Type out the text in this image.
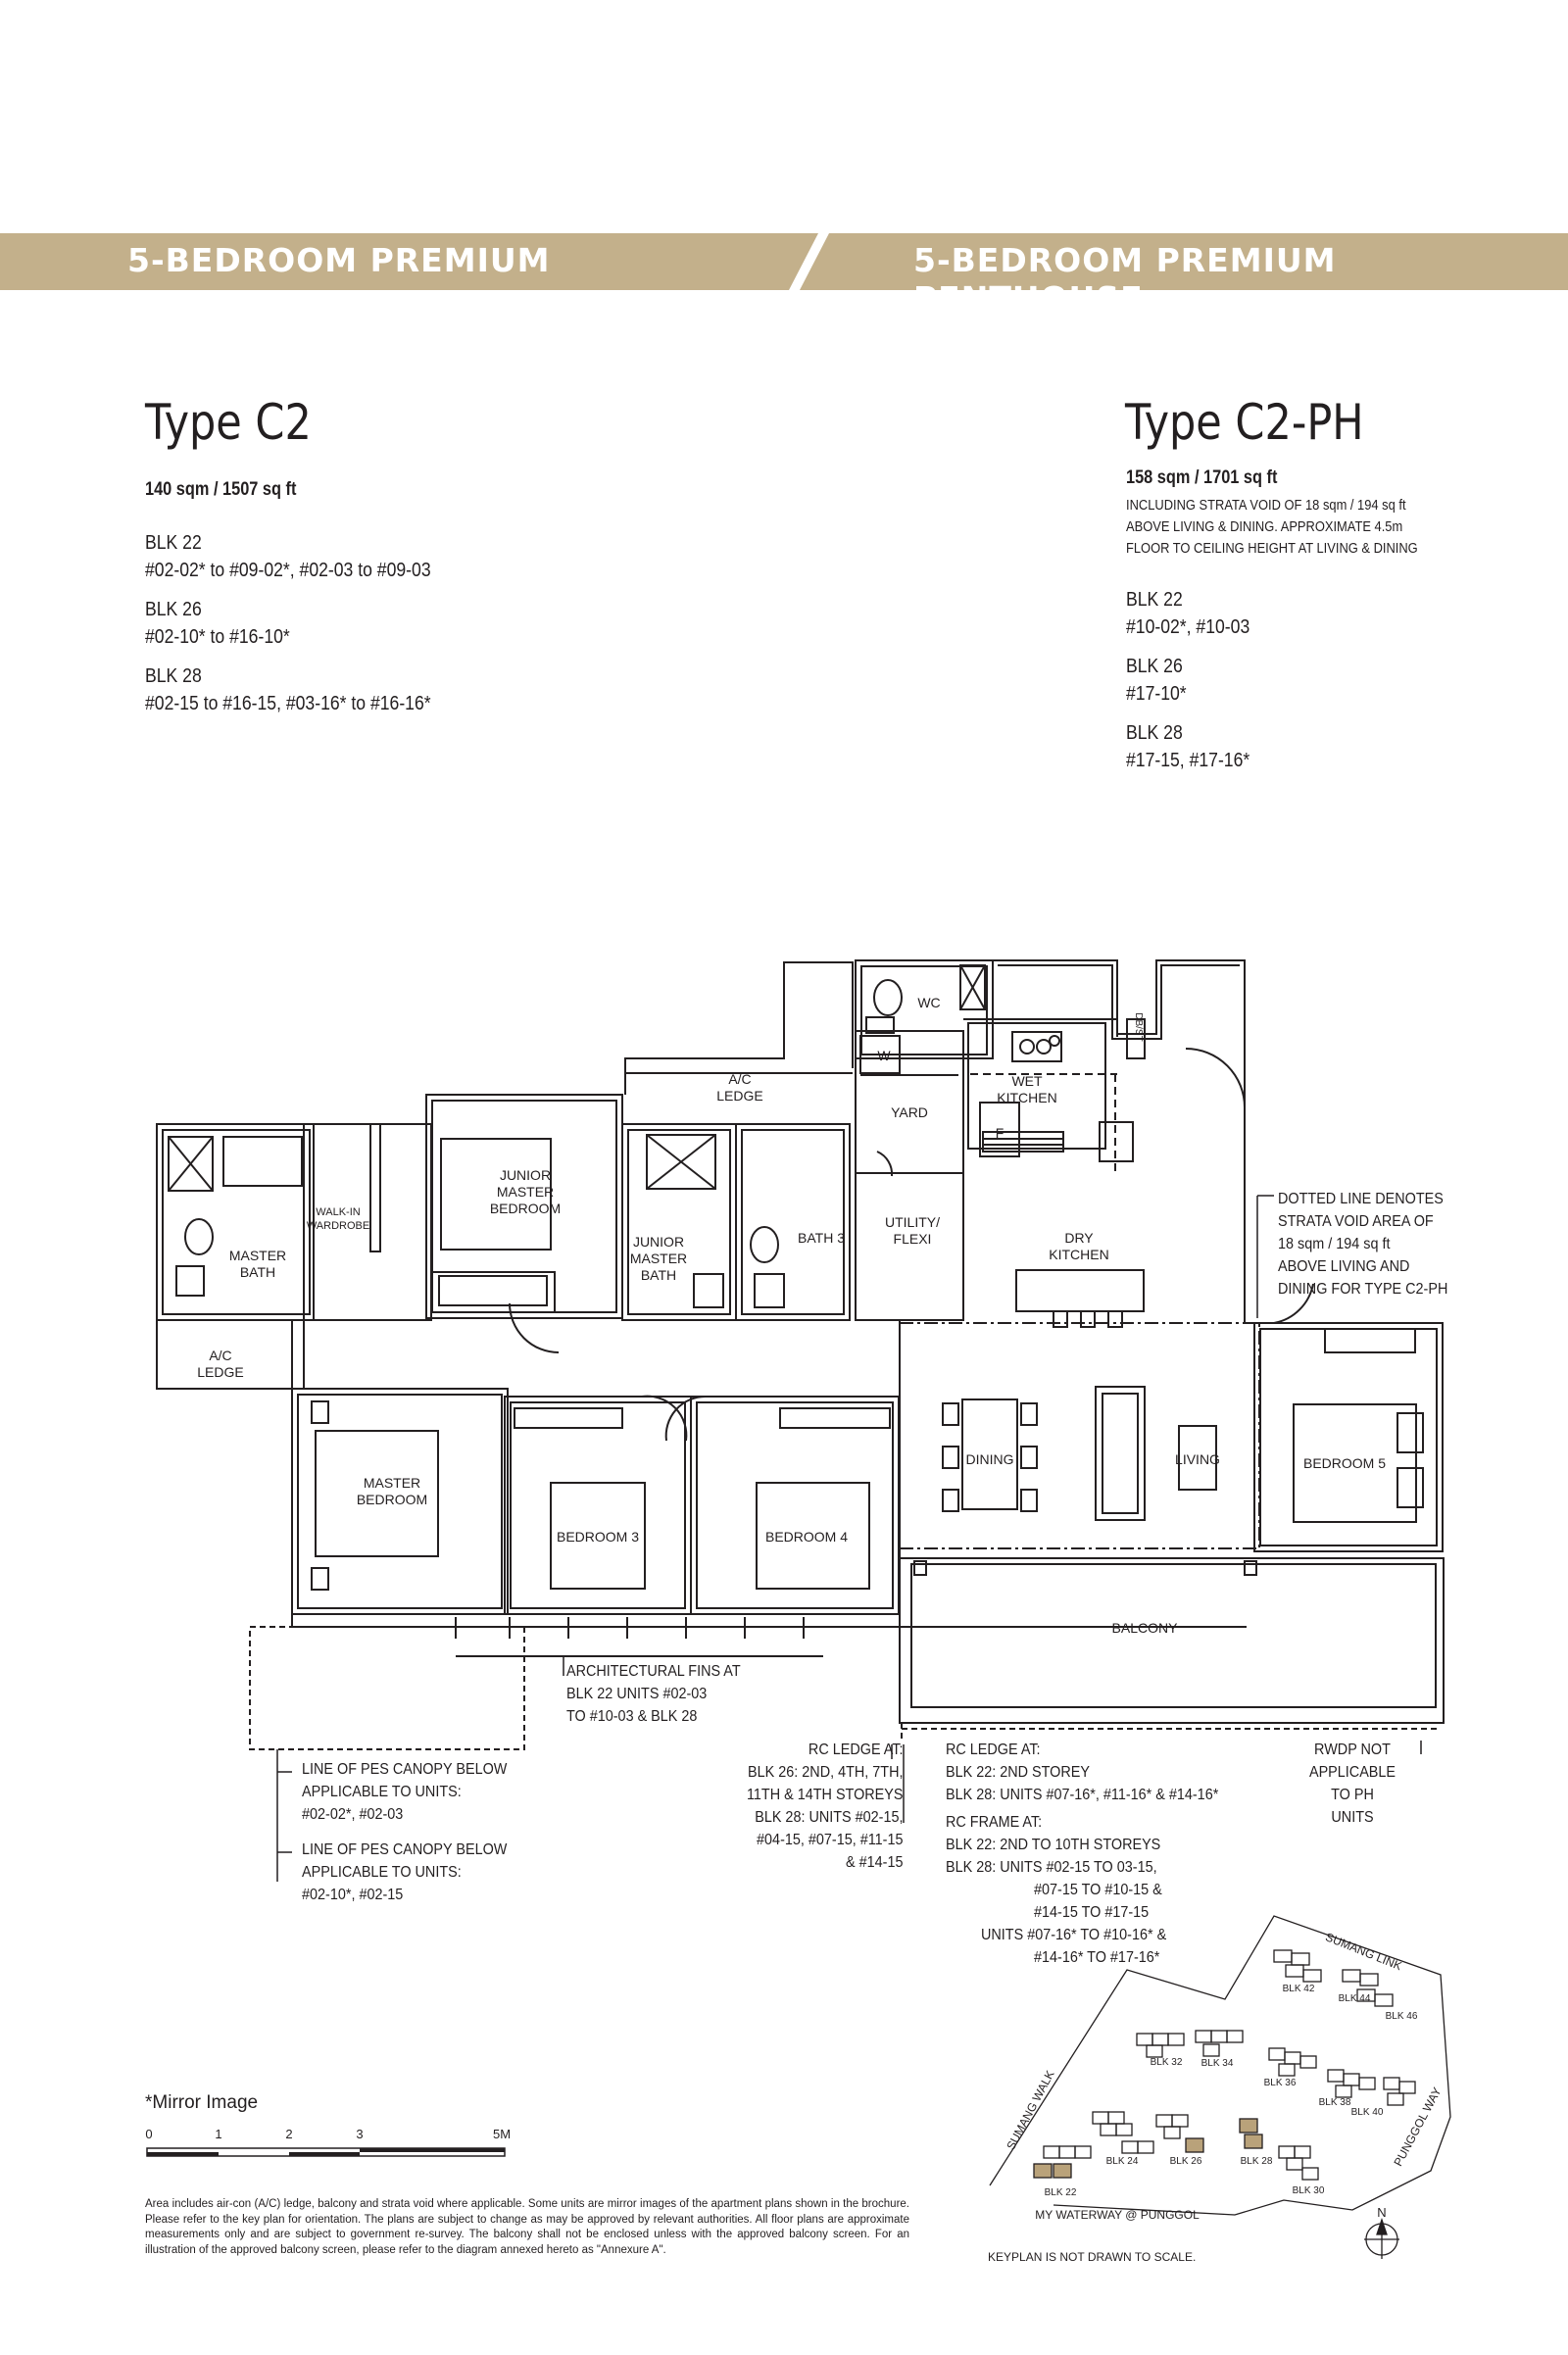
5-BEDROOM PREMIUM	5-BEDROOM PREMIUM PENTHOUSE
Type C2
140 sqm / 1507 sq ft
BLK 22
#02-02* to #09-02*, #02-03 to #09-03
BLK 26
#02-10* to #16-10*
BLK 28
#02-15 to #16-15, #03-16* to #16-16*
Type C2-PH
158 sqm / 1701 sq ft
INCLUDING STRATA VOID OF 18 sqm / 194 sq ft
ABOVE LIVING & DINING. APPROXIMATE 4.5m
FLOOR TO CEILING HEIGHT AT LIVING & DINING
BLK 22
#10-02*, #10-03
BLK 26
#17-10*
BLK 28
#17-15, #17-16*
A/C LEDGE
WC
W
YARD
WET KITCHEN
F
DB/ST
JUNIOR MASTER BEDROOM
WALK-IN WARDROBE
MASTER BATH
JUNIOR MASTER BATH
BATH 3
UTILITY/ FLEXI	DRY KITCHEN
A/C LEDGE
MASTER BEDROOM
BEDROOM 3	BEDROOM 4
DINING	LIVING	BEDROOM 5
BALCONY
DOTTED LINE DENOTES
STRATA VOID AREA OF
18 sqm / 194 sq ft
ABOVE LIVING AND
DINING FOR TYPE C2-PH
ARCHITECTURAL FINS AT
BLK 22 UNITS #02-03
TO #10-03 & BLK 28
LINE OF PES CANOPY BELOW
APPLICABLE TO UNITS:
#02-02*, #02-03
LINE OF PES CANOPY BELOW
APPLICABLE TO UNITS:
#02-10*, #02-15
RC LEDGE AT:
BLK 26: 2ND, 4TH, 7TH,
11TH & 14TH STOREYS
BLK 28: UNITS #02-15,
#04-15, #07-15, #11-15
& #14-15
RC LEDGE AT:
BLK 22: 2ND STOREY
BLK 28: UNITS #07-16*, #11-16* & #14-16*
RC FRAME AT:
BLK 22: 2ND TO 10TH STOREYS
BLK 28: UNITS #02-15 TO 03-15,
#07-15 TO #10-15 &
#14-15 TO #17-15
UNITS #07-16* TO #10-16* &
#14-16* TO #17-16*
RWDP NOT
APPLICABLE
TO PH UNITS
*Mirror Image
0	1	2	3	5M
Area includes air-con (A/C) ledge, balcony and strata void where applicable. Some units are mirror images of the apartment plans shown in the brochure. Please refer to the key plan for orientation. The plans are subject to change as may be approved by relevant authorities. All floor plans are approximate measurements only and are subject to government re-survey. The balcony shall not be enclosed unless with the approved balcony screen. For an illustration of the approved balcony screen, please refer to the diagram annexed hereto as "Annexure A".
SUMANG LINK
SUMANG WALK	PUNGGOL WAY
BLK 22
BLK 24	BLK 26	BLK 28
BLK 30
BLK 32 BLK 34
BLK 36
BLK 38
BLK 40
BLK 42
BLK 44
BLK 46
MY WATERWAY @ PUNGGOL	N
KEYPLAN IS NOT DRAWN TO SCALE.
